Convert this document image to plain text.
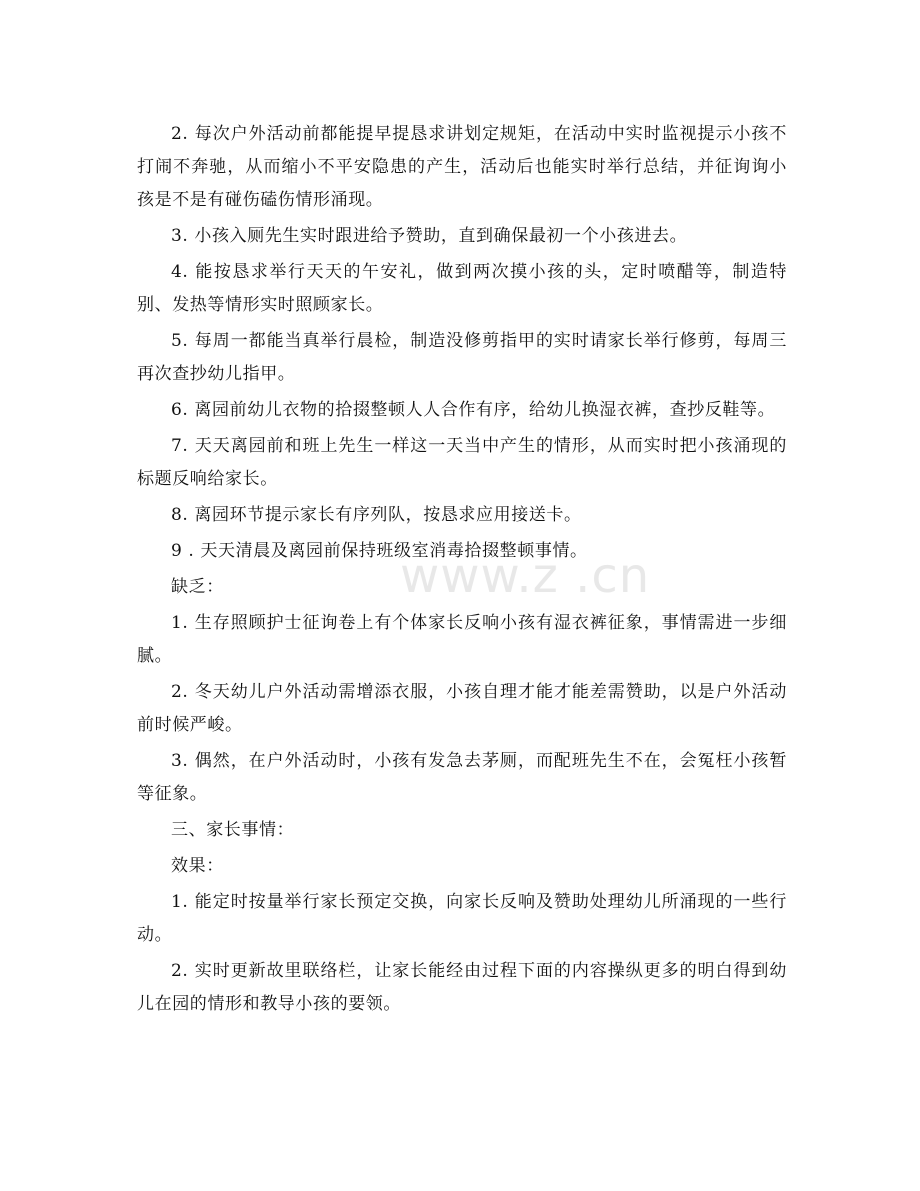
2. 每次户外活动前都能提早提恳求讲划定规矩，在活动中实时监视提示小孩不打闹不奔驰，从而缩小不平安隐患的产生，活动后也能实时举行总结，并征询询小孩是不是有碰伤磕伤情形涌现。

3. 小孩入厕先生实时跟进给予赞助，直到确保最初一个小孩进去。

4. 能按恳求举行天天的午安礼，做到两次摸小孩的头，定时喷醋等，制造特别、发热等情形实时照顾家长。

5. 每周一都能当真举行晨检，制造没修剪指甲的实时请家长举行修剪，每周三再次查抄幼儿指甲。

6. 离园前幼儿衣物的拾掇整顿人人合作有序，给幼儿换湿衣裤，查抄反鞋等。

7. 天天离园前和班上先生一样这一天当中产生的情形，从而实时把小孩涌现的标题反响给家长。

8. 离园环节提示家长有序列队，按恳求应用接送卡。

9 . 天天清晨及离园前保持班级室消毒拾掇整顿事情。

缺乏：

1. 生存照顾护士征询卷上有个体家长反响小孩有湿衣裤征象，事情需进一步细腻。

2. 冬天幼儿户外活动需增添衣服，小孩自理才能才能差需赞助，以是户外活动前时候严峻。

3. 偶然，在户外活动时，小孩有发急去茅厕，而配班先生不在，会冤枉小孩暂等征象。

三、家长事情：

效果：

1. 能定时按量举行家长预定交换，向家长反响及赞助处理幼儿所涌现的一些行动。

2. 实时更新故里联络栏，让家长能经由过程下面的内容操纵更多的明白得到幼儿在园的情形和教导小孩的要领。

www.z .cn
